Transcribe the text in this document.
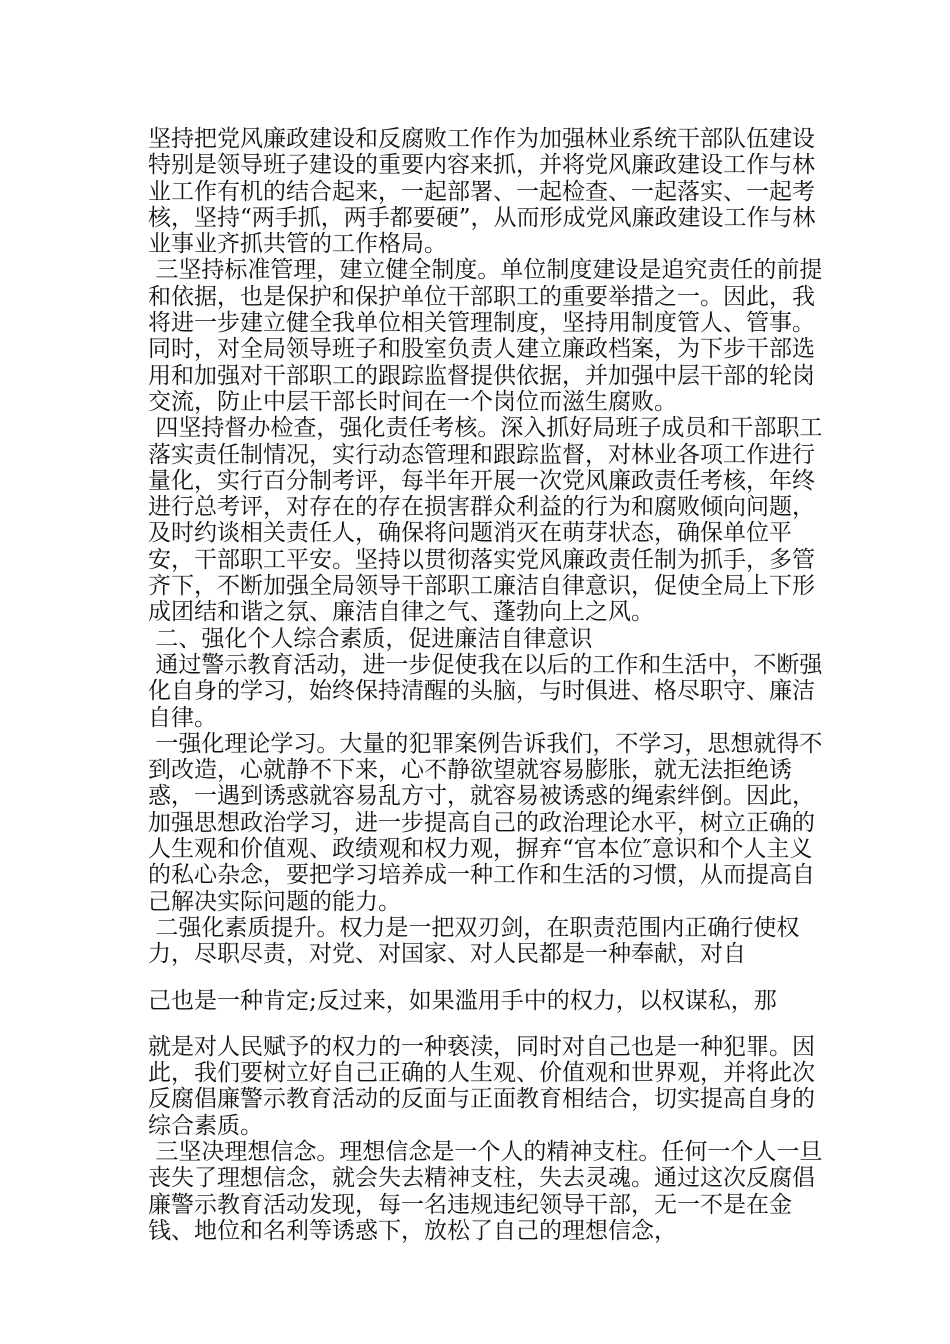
坚持把党风廉政建设和反腐败工作作为加强林业系统干部队伍建设特别是领导班子建设的重要内容来抓，并将党风廉政建设工作与林业工作有机的结合起来，一起部署、一起检查、一起落实、一起考核，坚持“两手抓，两手都要硬”，从而形成党风廉政建设工作与林业事业齐抓共管的工作格局。

三坚持标准管理，建立健全制度。单位制度建设是追究责任的前提和依据，也是保护和保护单位干部职工的重要举措之一。因此，我将进一步建立健全我单位相关管理制度，坚持用制度管人、管事。同时，对全局领导班子和股室负责人建立廉政档案，为下步干部选用和加强对干部职工的跟踪监督提供依据，并加强中层干部的轮岗交流，防止中层干部长时间在一个岗位而滋生腐败。

四坚持督办检查，强化责任考核。深入抓好局班子成员和干部职工落实责任制情况，实行动态管理和跟踪监督，对林业各项工作进行量化，实行百分制考评，每半年开展一次党风廉政责任考核，年终进行总考评，对存在的存在损害群众利益的行为和腐败倾向问题，及时约谈相关责任人，确保将问题消灭在萌芽状态，确保单位平安，干部职工平安。坚持以贯彻落实党风廉政责任制为抓手，多管齐下，不断加强全局领导干部职工廉洁自律意识，促使全局上下形成团结和谐之氛、廉洁自律之气、蓬勃向上之风。

二、强化个人综合素质，促进廉洁自律意识

通过警示教育活动，进一步促使我在以后的工作和生活中，不断强化自身的学习，始终保持清醒的头脑，与时俱进、格尽职守、廉洁自律。

一强化理论学习。大量的犯罪案例告诉我们，不学习，思想就得不到改造，心就静不下来，心不静欲望就容易膨胀，就无法拒绝诱惑，一遇到诱惑就容易乱方寸，就容易被诱惑的绳索绊倒。因此，加强思想政治学习，进一步提高自己的政治理论水平，树立正确的人生观和价值观、政绩观和权力观，摒弃“官本位″意识和个人主义的私心杂念，要把学习培养成一种工作和生活的习惯，从而提高自己解决实际问题的能力。

二强化素质提升。权力是一把双刃剑，在职责范围内正确行使权力，尽职尽责，对党、对国家、对人民都是一种奉献，对自

己也是一种肯定;反过来，如果滥用手中的权力，以权谋私，那

就是对人民赋予的权力的一种亵渎，同时对自己也是一种犯罪。因此，我们要树立好自己正确的人生观、价值观和世界观，并将此次反腐倡廉警示教育活动的反面与正面教育相结合，切实提高自身的综合素质。

三坚决理想信念。理想信念是一个人的精神支柱。任何一个人一旦丧失了理想信念，就会失去精神支柱，失去灵魂。通过这次反腐倡廉警示教育活动发现，每一名违规违纪领导干部，无一不是在金钱、地位和名利等诱惑下，放松了自己的理想信念，
